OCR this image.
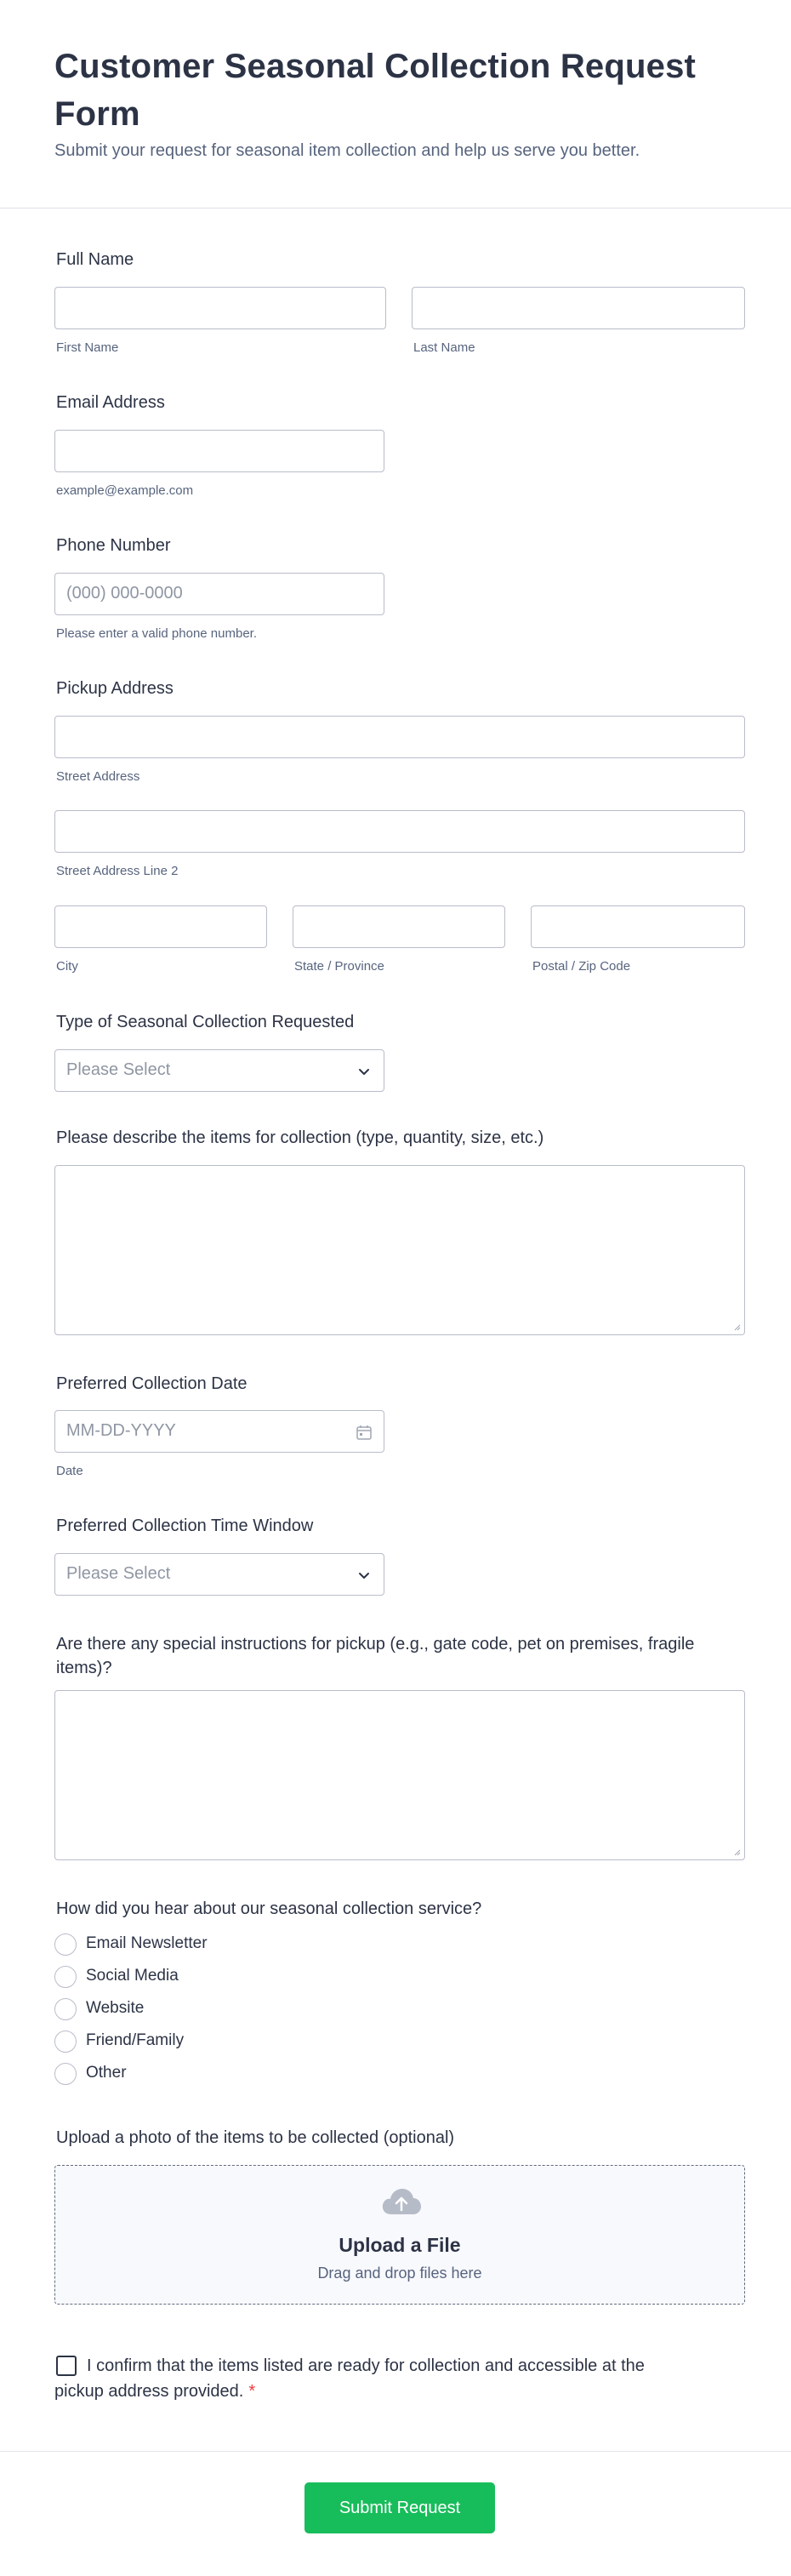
Customer Seasonal Collection Request Form

Submit your request for seasonal item collection and help us serve you better.

Full Name
First Name	Last Name
Email Address
example@example.com
Phone Number
(000) 000-0000
Please enter a valid phone number.
Pickup Address
Street Address
Street Address Line 2
City	State / Province	Postal / Zip Code
Type of Seasonal Collection Requested
Please Select
Please describe the items for collection (type, quantity, size, etc.)
Preferred Collection Date
MM-DD-YYYY
Date
Preferred Collection Time Window
Please Select
Are there any special instructions for pickup (e.g., gate code, pet on premises, fragile items)?
How did you hear about our seasonal collection service?
Email Newsletter
Social Media
Website
Friend/Family
Other
Upload a photo of the items to be collected (optional)
Upload a File
Drag and drop files here

I confirm that the items listed are ready for collection and accessible at the pickup address provided. *

Submit Request
